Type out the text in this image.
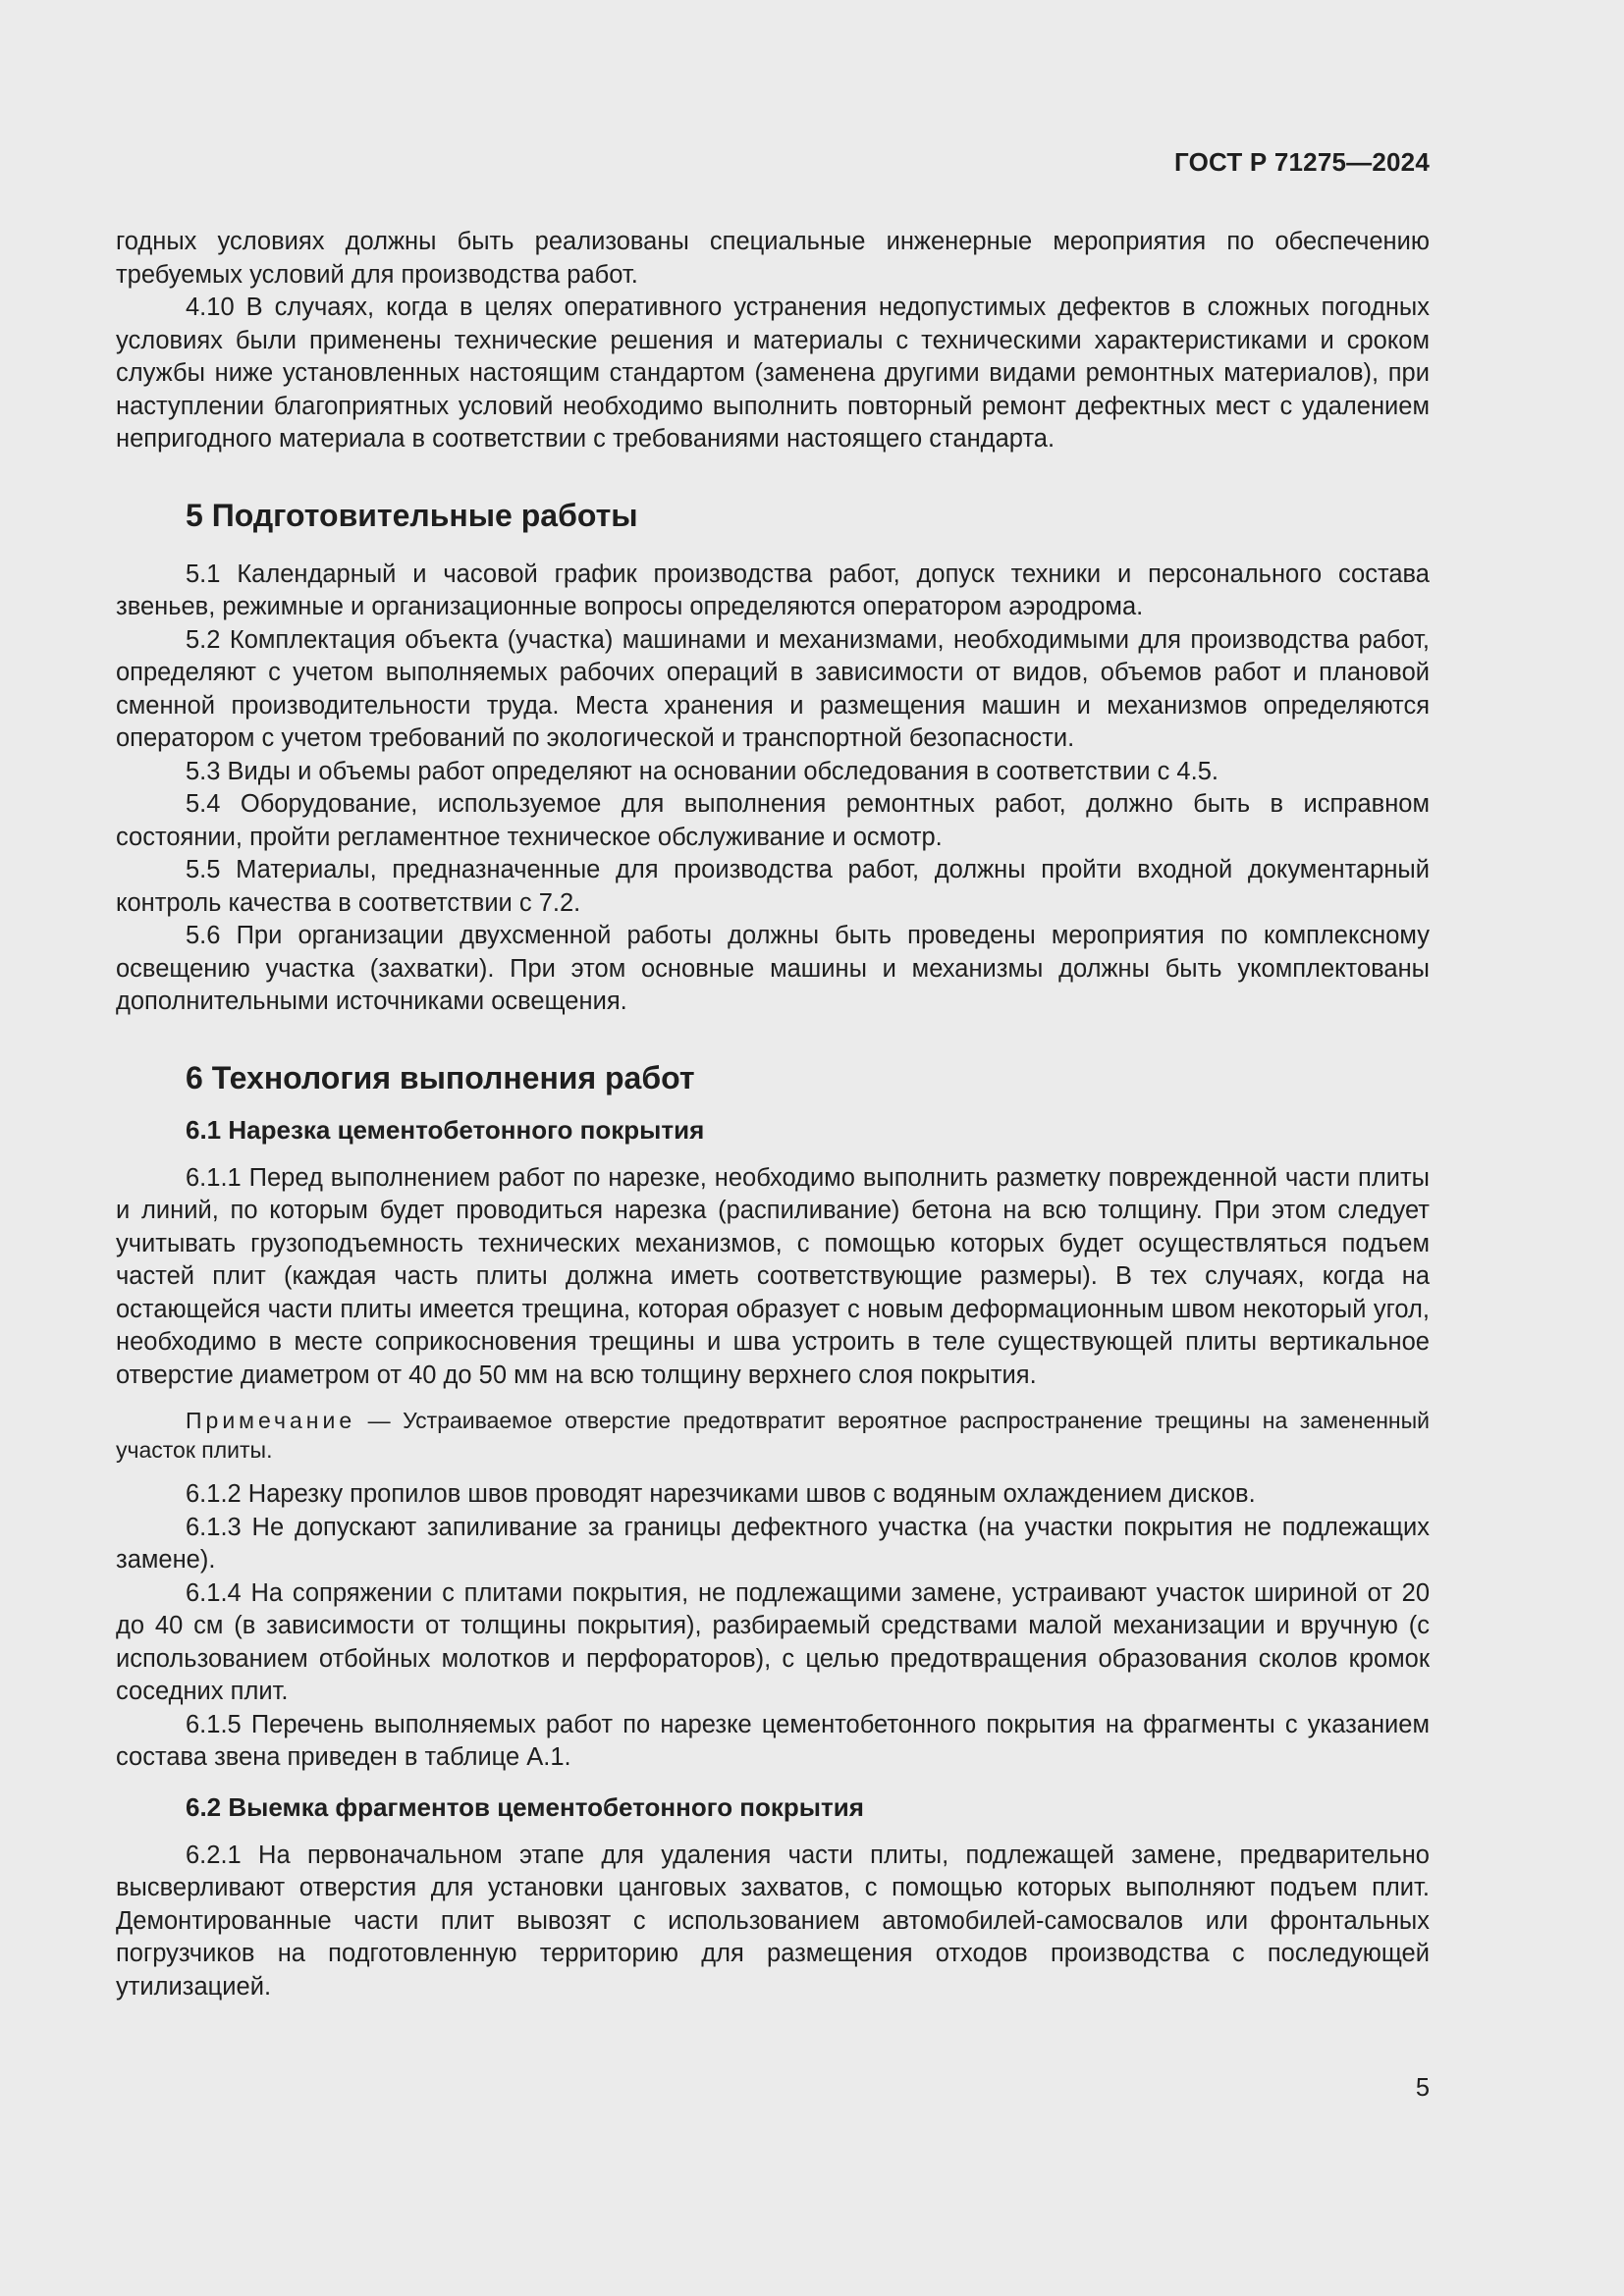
ГОСТ Р 71275—2024

годных условиях должны быть реализованы специальные инженерные мероприятия по обеспечению требуемых условий для производства работ.

4.10 В случаях, когда в целях оперативного устранения недопустимых дефектов в сложных погодных условиях были применены технические решения и материалы с техническими характеристиками и сроком службы ниже установленных настоящим стандартом (заменена другими видами ремонтных материалов), при наступлении благоприятных условий необходимо выполнить повторный ремонт дефектных мест с удалением непригодного материала в соответствии с требованиями настоящего стандарта.

5 Подготовительные работы

5.1 Календарный и часовой график производства работ, допуск техники и персонального состава звеньев, режимные и организационные вопросы определяются оператором аэродрома.

5.2 Комплектация объекта (участка) машинами и механизмами, необходимыми для производства работ, определяют с учетом выполняемых рабочих операций в зависимости от видов, объемов работ и плановой сменной производительности труда. Места хранения и размещения машин и механизмов определяются оператором с учетом требований по экологической и транспортной безопасности.

5.3 Виды и объемы работ определяют на основании обследования в соответствии с 4.5.

5.4 Оборудование, используемое для выполнения ремонтных работ, должно быть в исправном состоянии, пройти регламентное техническое обслуживание и осмотр.

5.5 Материалы, предназначенные для производства работ, должны пройти входной документарный контроль качества в соответствии с 7.2.

5.6 При организации двухсменной работы должны быть проведены мероприятия по комплексному освещению участка (захватки). При этом основные машины и механизмы должны быть укомплектованы дополнительными источниками освещения.

6 Технология выполнения работ
6.1 Нарезка цементобетонного покрытия

6.1.1 Перед выполнением работ по нарезке, необходимо выполнить разметку поврежденной части плиты и линий, по которым будет проводиться нарезка (распиливание) бетона на всю толщину. При этом следует учитывать грузоподъемность технических механизмов, с помощью которых будет осуществляться подъем частей плит (каждая часть плиты должна иметь соответствующие размеры). В тех случаях, когда на остающейся части плиты имеется трещина, которая образует с новым деформационным швом некоторый угол, необходимо в месте соприкосновения трещины и шва устроить в теле существующей плиты вертикальное отверстие диаметром от 40 до 50 мм на всю толщину верхнего слоя покрытия.

Примечание — Устраиваемое отверстие предотвратит вероятное распространение трещины на замененный участок плиты.

6.1.2 Нарезку пропилов швов проводят нарезчиками швов с водяным охлаждением дисков.

6.1.3 Не допускают запиливание за границы дефектного участка (на участки покрытия не подлежащих замене).

6.1.4 На сопряжении с плитами покрытия, не подлежащими замене, устраивают участок шириной от 20 до 40 см (в зависимости от толщины покрытия), разбираемый средствами малой механизации и вручную (с использованием отбойных молотков и перфораторов), с целью предотвращения образования сколов кромок соседних плит.

6.1.5 Перечень выполняемых работ по нарезке цементобетонного покрытия на фрагменты с указанием состава звена приведен в таблице А.1.

6.2 Выемка фрагментов цементобетонного покрытия

6.2.1 На первоначальном этапе для удаления части плиты, подлежащей замене, предварительно высверливают отверстия для установки цанговых захватов, с помощью которых выполняют подъем плит. Демонтированные части плит вывозят с использованием автомобилей-самосвалов или фронтальных погрузчиков на подготовленную территорию для размещения отходов производства с последующей утилизацией.

5
